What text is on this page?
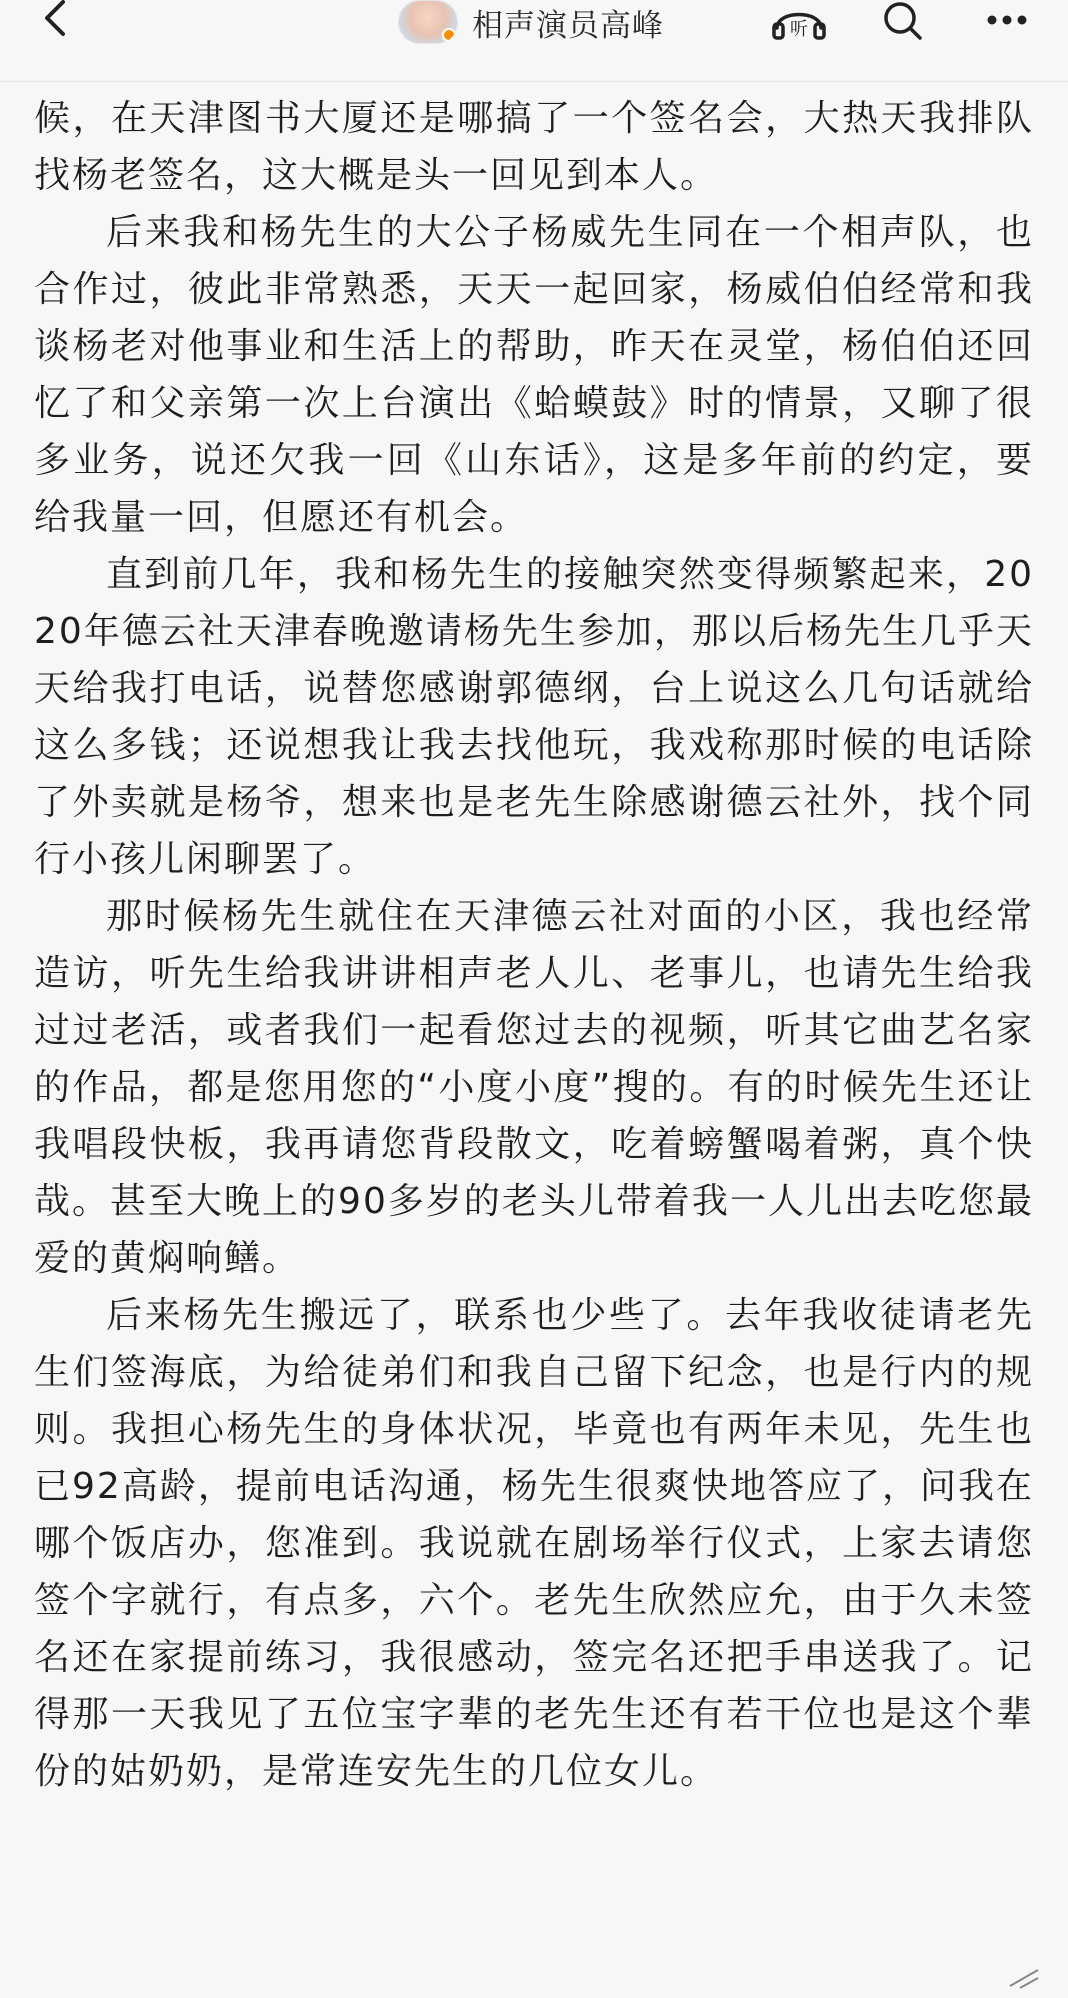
相声演员高峰	听

候，在天津图书大厦还是哪搞了一个签名会，大热天我排队找杨老签名，这大概是头一回见到本人。

后来我和杨先生的大公子杨威先生同在一个相声队，也合作过，彼此非常熟悉，天天一起回家，杨威伯伯经常和我谈杨老对他事业和生活上的帮助，昨天在灵堂，杨伯伯还回忆了和父亲第一次上台演出《蛤蟆鼓》时的情景，又聊了很多业务，说还欠我一回《山东话》，这是多年前的约定，要给我量一回，但愿还有机会。

直到前几年，我和杨先生的接触突然变得频繁起来，2020年德云社天津春晚邀请杨先生参加，那以后杨先生几乎天天给我打电话，说替您感谢郭德纲，台上说这么几句话就给这么多钱；还说想我让我去找他玩，我戏称那时候的电话除了外卖就是杨爷，想来也是老先生除感谢德云社外，找个同行小孩儿闲聊罢了。

那时候杨先生就住在天津德云社对面的小区，我也经常造访，听先生给我讲讲相声老人儿、老事儿，也请先生给我过过老活，或者我们一起看您过去的视频，听其它曲艺名家的作品，都是您用您的“小度小度”搜的。有的时候先生还让我唱段快板，我再请您背段散文，吃着螃蟹喝着粥，真个快哉。甚至大晚上的90多岁的老头儿带着我一人儿出去吃您最爱的黄焖响鳝。

后来杨先生搬远了，联系也少些了。去年我收徒请老先生们签海底，为给徒弟们和我自己留下纪念，也是行内的规则。我担心杨先生的身体状况，毕竟也有两年未见，先生也已92高龄，提前电话沟通，杨先生很爽快地答应了，问我在哪个饭店办，您准到。我说就在剧场举行仪式，上家去请您签个字就行，有点多，六个。老先生欣然应允，由于久未签名还在家提前练习，我很感动，签完名还把手串送我了。记得那一天我见了五位宝字辈的老先生还有若干位也是这个辈份的姑奶奶，是常连安先生的几位女儿。
